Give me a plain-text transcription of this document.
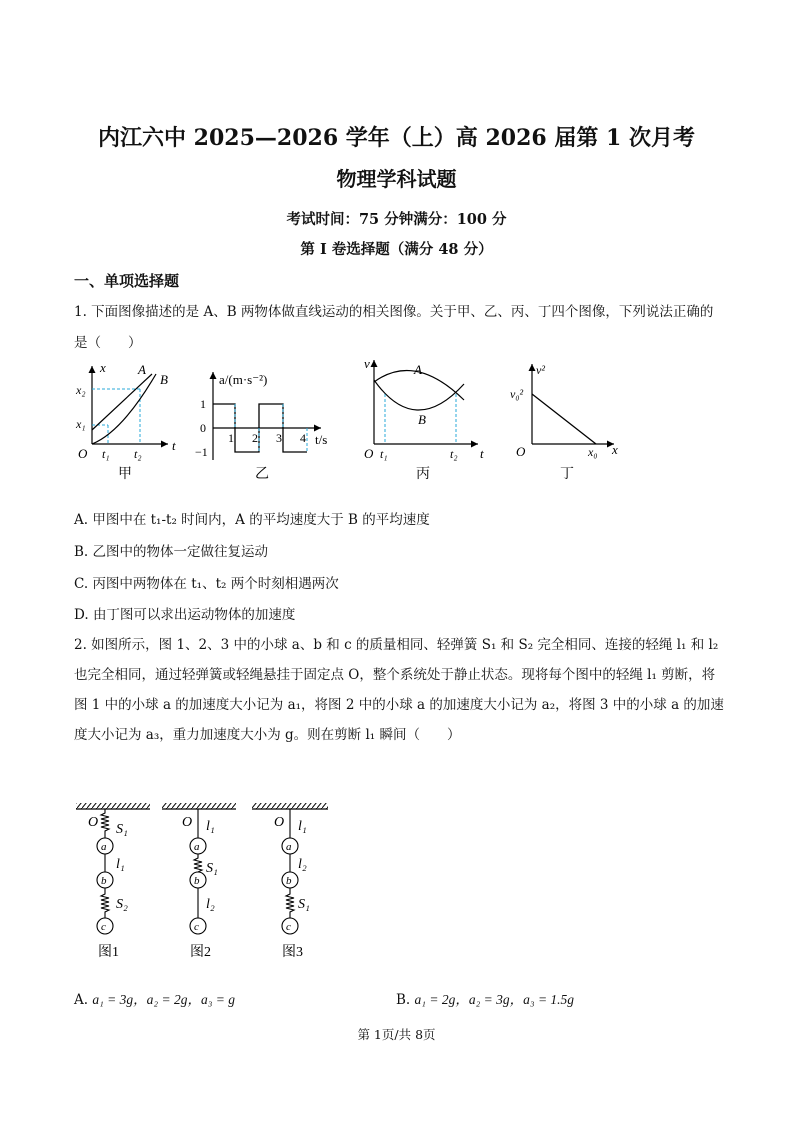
内江六中 2025—2026 学年（上）高 2026 届第 1 次月考
物理学科试题
考试时间：75 分钟满分：100 分
第 I 卷选择题（满分 48 分）
一、单项选择题
1. 下面图像描述的是 A、B 两物体做直线运动的相关图像。关于甲、乙、丙、丁四个图像，下列说法正确的是（　　）
x
t
O
A
B
x₂
x₁
t₁ t₂
甲
a/(m·s⁻²)
t/s
1
0
−1
1 2 3 4
乙
v
t
O
A
B
t₁	t₂
丙
v²
x
O
v₀²
x₀
丁
A. 甲图中在 t₁-t₂ 时间内，A 的平均速度大于 B 的平均速度
B. 乙图中的物体一定做往复运动
C. 丙图中两物体在 t₁、t₂ 两个时刻相遇两次
D. 由丁图可以求出运动物体的加速度
2. 如图所示，图 1、2、3 中的小球 a、b 和 c 的质量相同、轻弹簧 S₁ 和 S₂ 完全相同、连接的轻绳 l₁ 和 l₂ 也完全相同，通过轻弹簧或轻绳悬挂于固定点 O，整个系统处于静止状态。现将每个图中的轻绳 l₁ 剪断，将图 1 中的小球 a 的加速度大小记为 a₁，将图 2 中的小球 a 的加速度大小记为 a₂，将图 3 中的小球 a 的加速度大小记为 a₃，重力加速度大小为 g。则在剪断 l₁ 瞬间（　　）
O S₁
l₁
S₂
a
b
c
图1
O l₁
S₁
l₂
a
b
c
图2
O l₁
l₂
S₁
a
b
c
图3
A. a₁ = 3g，a₂ = 2g，a₃ = g	B. a₁ = 2g，a₂ = 3g，a₃ = 1.5g
第 1页/共 8页
